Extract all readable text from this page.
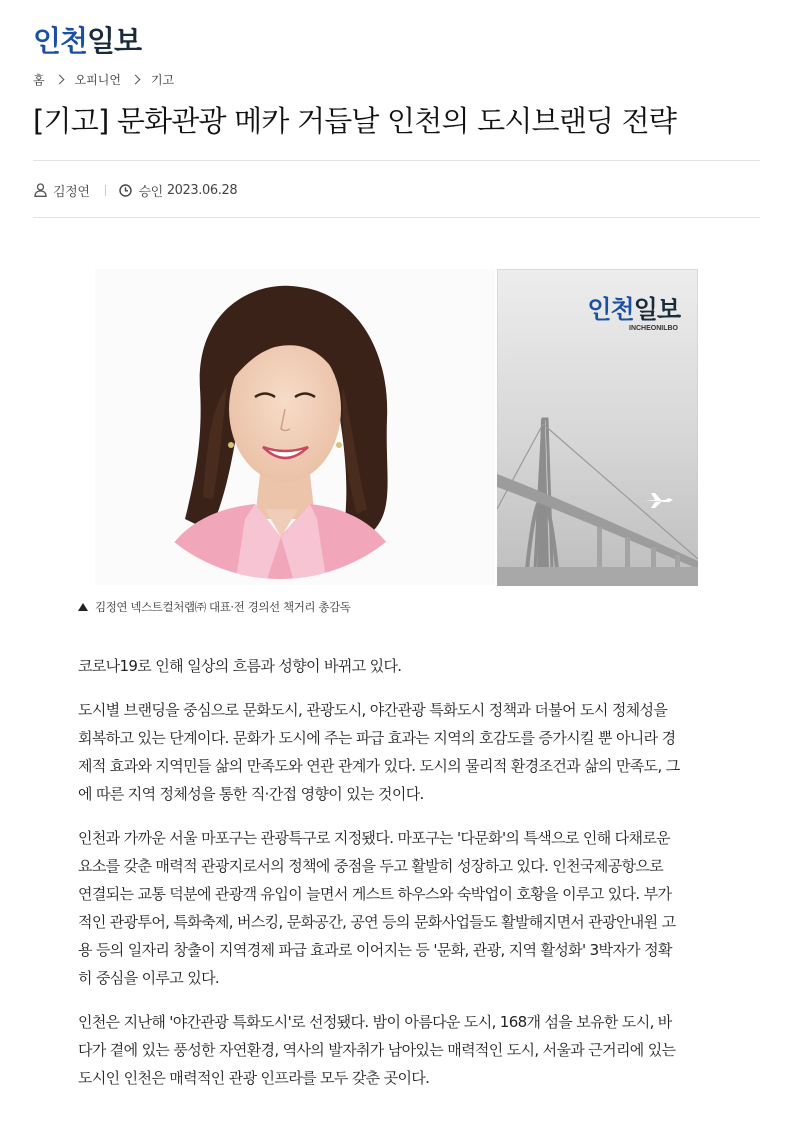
인천일보
홈	오피니언	기고
[기고] 문화관광 메카 거듭날 인천의 도시브랜딩 전략
김정연	승인 2023.06.28
인천일보
INCHEONILBO
김정연 넥스트컬처랩㈜ 대표·전 경의선 책거리 총감독

코로나19로 인해 일상의 흐름과 성향이 바뀌고 있다.

도시별 브랜딩을 중심으로 문화도시, 관광도시, 야간관광 특화도시 정책과 더불어 도시 정체성을
회복하고 있는 단계이다. 문화가 도시에 주는 파급 효과는 지역의 호감도를 증가시킬 뿐 아니라 경
제적 효과와 지역민들 삶의 만족도와 연관 관계가 있다. 도시의 물리적 환경조건과 삶의 만족도, 그
에 따른 지역 정체성을 통한 직·간접 영향이 있는 것이다.

인천과 가까운 서울 마포구는 관광특구로 지정됐다. 마포구는 '다문화'의 특색으로 인해 다채로운
요소를 갖춘 매력적 관광지로서의 정책에 중점을 두고 활발히 성장하고 있다. 인천국제공항으로
연결되는 교통 덕분에 관광객 유입이 늘면서 게스트 하우스와 숙박업이 호황을 이루고 있다. 부가
적인 관광투어, 특화축제, 버스킹, 문화공간, 공연 등의 문화사업들도 활발해지면서 관광안내원 고
용 등의 일자리 창출이 지역경제 파급 효과로 이어지는 등 '문화, 관광, 지역 활성화' 3박자가 정확
히 중심을 이루고 있다.

인천은 지난해 '야간관광 특화도시'로 선정됐다. 밤이 아름다운 도시, 168개 섬을 보유한 도시, 바
다가 곁에 있는 풍성한 자연환경, 역사의 발자취가 남아있는 매력적인 도시, 서울과 근거리에 있는
도시인 인천은 매력적인 관광 인프라를 모두 갖춘 곳이다.
